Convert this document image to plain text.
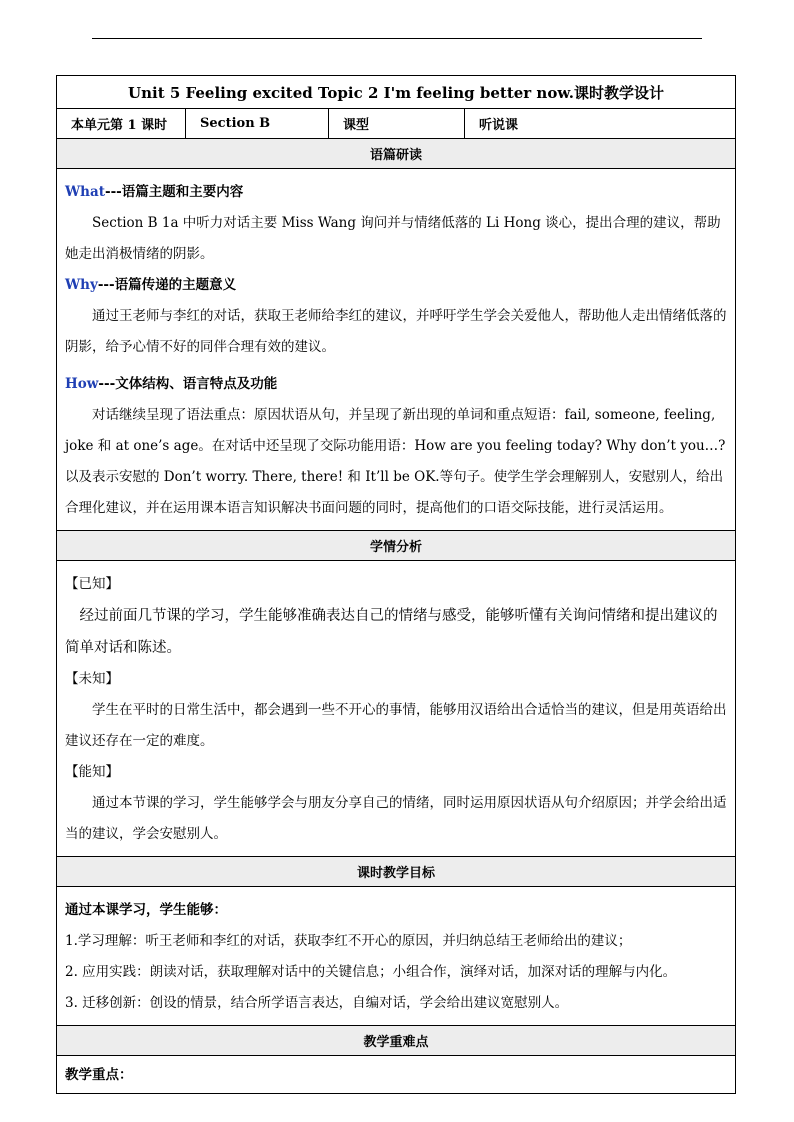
Unit 5 Feeling excited Topic 2 I'm feeling better now.课时教学设计
本单元第 1 课时	Section B	课型	听说课
语篇研读

What---语篇主题和主要内容

Section B 1a 中听力对话主要 Miss Wang 询问并与情绪低落的 Li Hong 谈心，提出合理的建议，帮助她走出消极情绪的阴影。

Why---语篇传递的主题意义

通过王老师与李红的对话，获取王老师给李红的建议，并呼吁学生学会关爱他人，帮助他人走出情绪低落的阴影，给予心情不好的同伴合理有效的建议。

How---文体结构、语言特点及功能

对话继续呈现了语法重点：原因状语从句，并呈现了新出现的单词和重点短语：fail, someone, feeling, joke 和 at one’s age。在对话中还呈现了交际功能用语：How are you feeling today? Why don’t you…? 以及表示安慰的 Don’t worry. There, there! 和 It’ll be OK.等句子。使学生学会理解别人，安慰别人，给出合理化建议，并在运用课本语言知识解决书面问题的同时，提高他们的口语交际技能，进行灵活运用。

学情分析

【已知】

经过前面几节课的学习，学生能够准确表达自己的情绪与感受，能够听懂有关询问情绪和提出建议的简单对话和陈述。

【未知】

学生在平时的日常生活中，都会遇到一些不开心的事情，能够用汉语给出合适恰当的建议，但是用英语给出建议还存在一定的难度。

【能知】

通过本节课的学习，学生能够学会与朋友分享自己的情绪，同时运用原因状语从句介绍原因；并学会给出适当的建议，学会安慰别人。

课时教学目标

通过本课学习，学生能够：

1.学习理解：听王老师和李红的对话，获取李红不开心的原因，并归纳总结王老师给出的建议；

2. 应用实践：朗读对话，获取理解对话中的关键信息；小组合作，演绎对话，加深对话的理解与内化。

3. 迁移创新：创设的情景，结合所学语言表达，自编对话，学会给出建议宽慰别人。

教学重难点

教学重点：
